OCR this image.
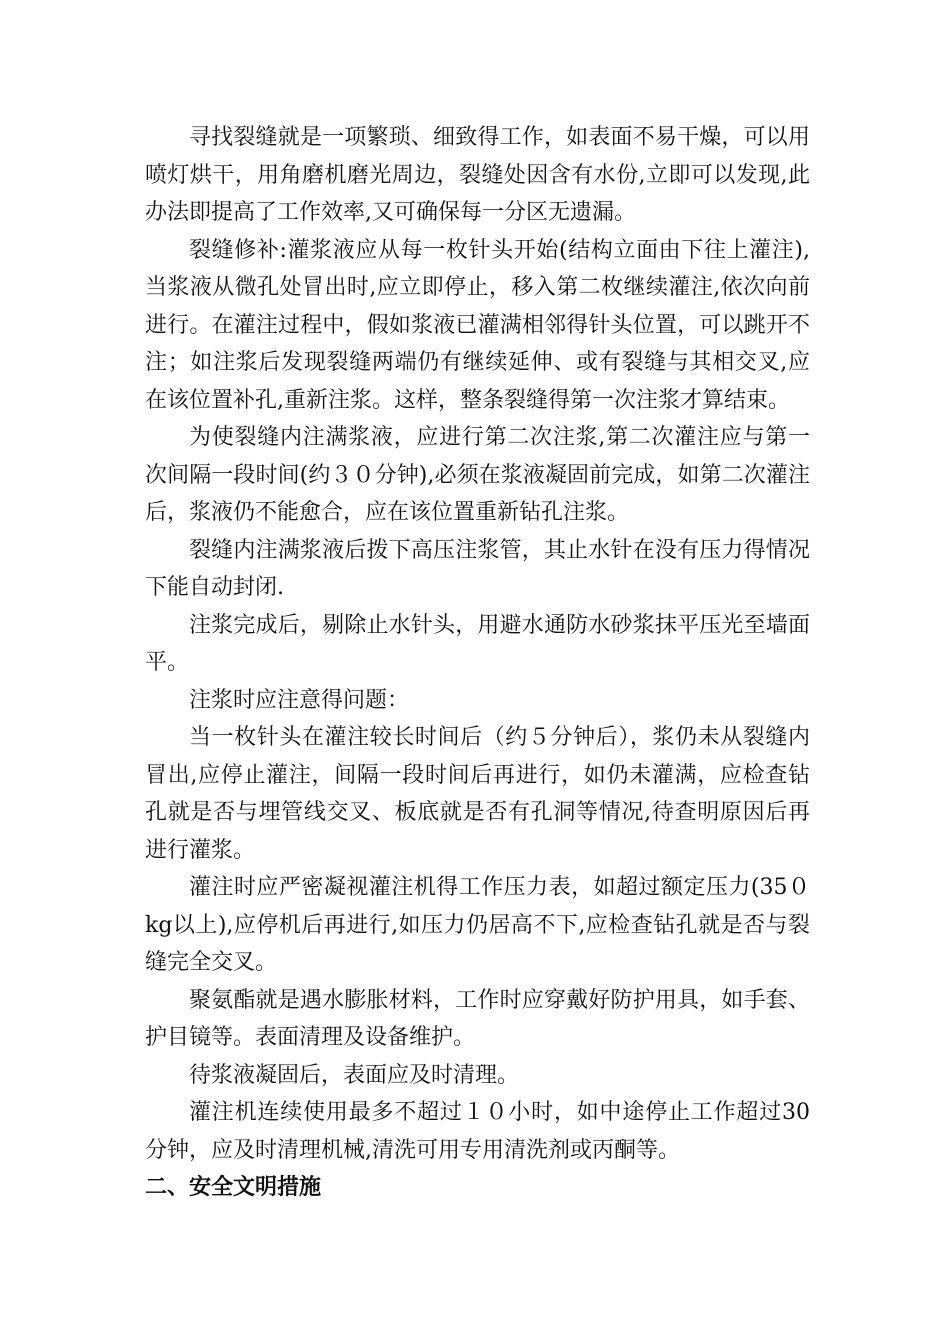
寻找裂缝就是一项繁琐、细致得工作，如表面不易干燥，可以用喷灯烘干，用角磨机磨光周边，裂缝处因含有水份,立即可以发现,此办法即提高了工作效率,又可确保每一分区无遗漏。

裂缝修补:灌浆液应从每一枚针头开始(结构立面由下往上灌注),当浆液从微孔处冒出时,应立即停止，移入第二枚继续灌注,依次向前进行。在灌注过程中，假如浆液已灌满相邻得针头位置，可以跳开不注；如注浆后发现裂缝两端仍有继续延伸、或有裂缝与其相交叉,应在该位置补孔,重新注浆。这样，整条裂缝得第一次注浆才算结束。

为使裂缝内注满浆液，应进行第二次注浆,第二次灌注应与第一次间隔一段时间(约３０分钟),必须在浆液凝固前完成，如第二次灌注后，浆液仍不能愈合，应在该位置重新钻孔注浆。

裂缝内注满浆液后拨下高压注浆管，其止水针在没有压力得情况下能自动封闭.

注浆完成后，剔除止水针头，用避水通防水砂浆抹平压光至墙面平。

注浆时应注意得问题：

当一枚针头在灌注较长时间后（约５分钟后），浆仍未从裂缝内冒出,应停止灌注，间隔一段时间后再进行，如仍未灌满，应检查钻孔就是否与埋管线交叉、板底就是否有孔洞等情况,待查明原因后再进行灌浆。

灌注时应严密凝视灌注机得工作压力表，如超过额定压力(35０kg以上),应停机后再进行,如压力仍居高不下,应检查钻孔就是否与裂缝完全交叉。

聚氨酯就是遇水膨胀材料，工作时应穿戴好防护用具，如手套、护目镜等。表面清理及设备维护。

待浆液凝固后，表面应及时清理。

灌注机连续使用最多不超过１０小时，如中途停止工作超过30分钟，应及时清理机械,清洗可用专用清洗剂或丙酮等。

二、安全文明措施
